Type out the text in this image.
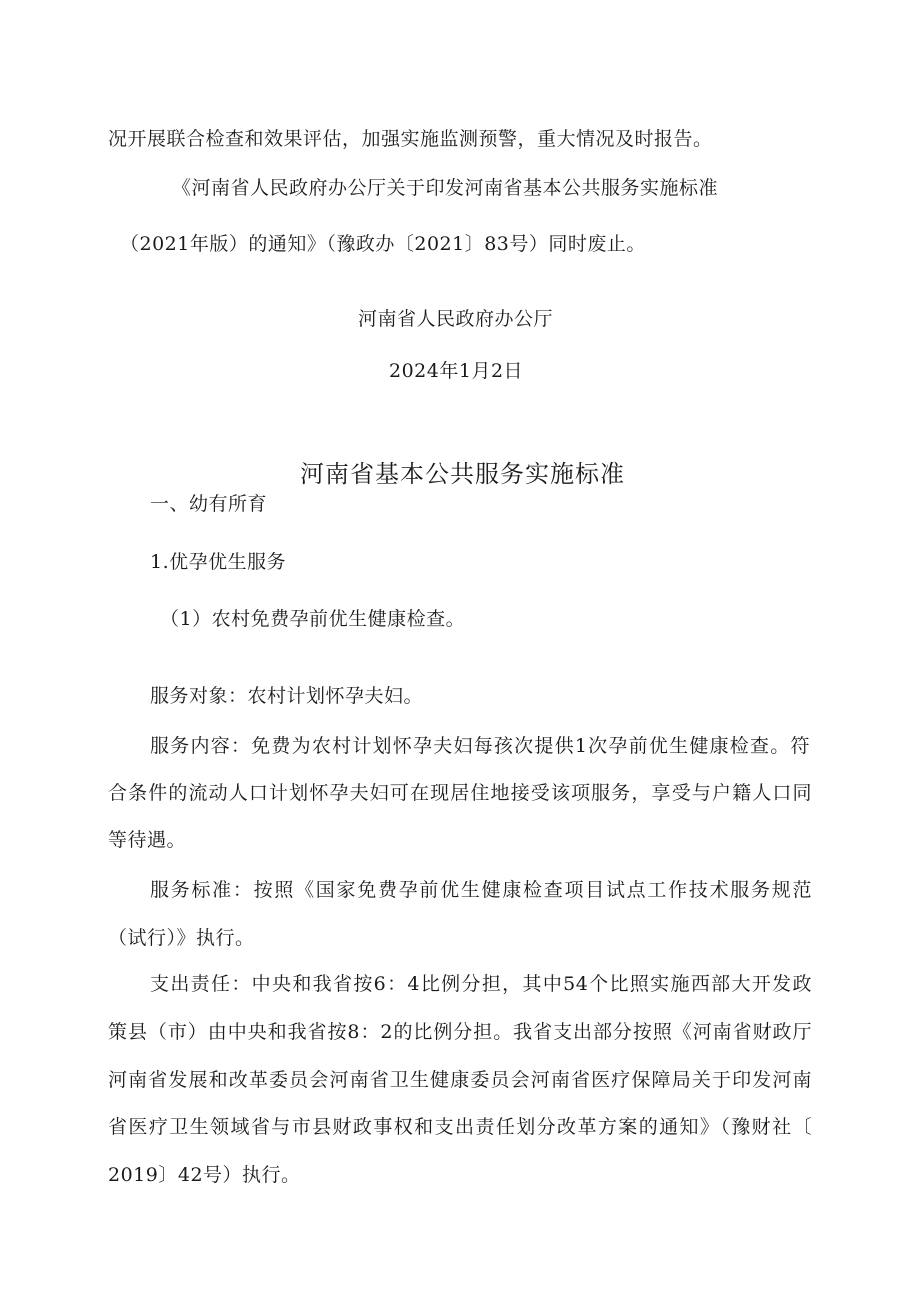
况开展联合检查和效果评估，加强实施监测预警，重大情况及时报告。
《河南省人民政府办公厅关于印发河南省基本公共服务实施标准
（2021年版）的通知》（豫政办〔2021〕83号）同时废止。
河南省人民政府办公厅
2024年1月2日
河南省基本公共服务实施标准
一、幼有所育
1.优孕优生服务
（1）农村免费孕前优生健康检查。
服务对象：农村计划怀孕夫妇。
服务内容：免费为农村计划怀孕夫妇每孩次提供1次孕前优生健康检查。符
合条件的流动人口计划怀孕夫妇可在现居住地接受该项服务，享受与户籍人口同
等待遇。
服务标准：按照《国家免费孕前优生健康检查项目试点工作技术服务规范
（试行）》执行。
支出责任：中央和我省按6：4比例分担，其中54个比照实施西部大开发政
策县（市）由中央和我省按8：2的比例分担。我省支出部分按照《河南省财政厅
河南省发展和改革委员会河南省卫生健康委员会河南省医疗保障局关于印发河南
省医疗卫生领域省与市县财政事权和支出责任划分改革方案的通知》（豫财社〔
2019〕42号）执行。
